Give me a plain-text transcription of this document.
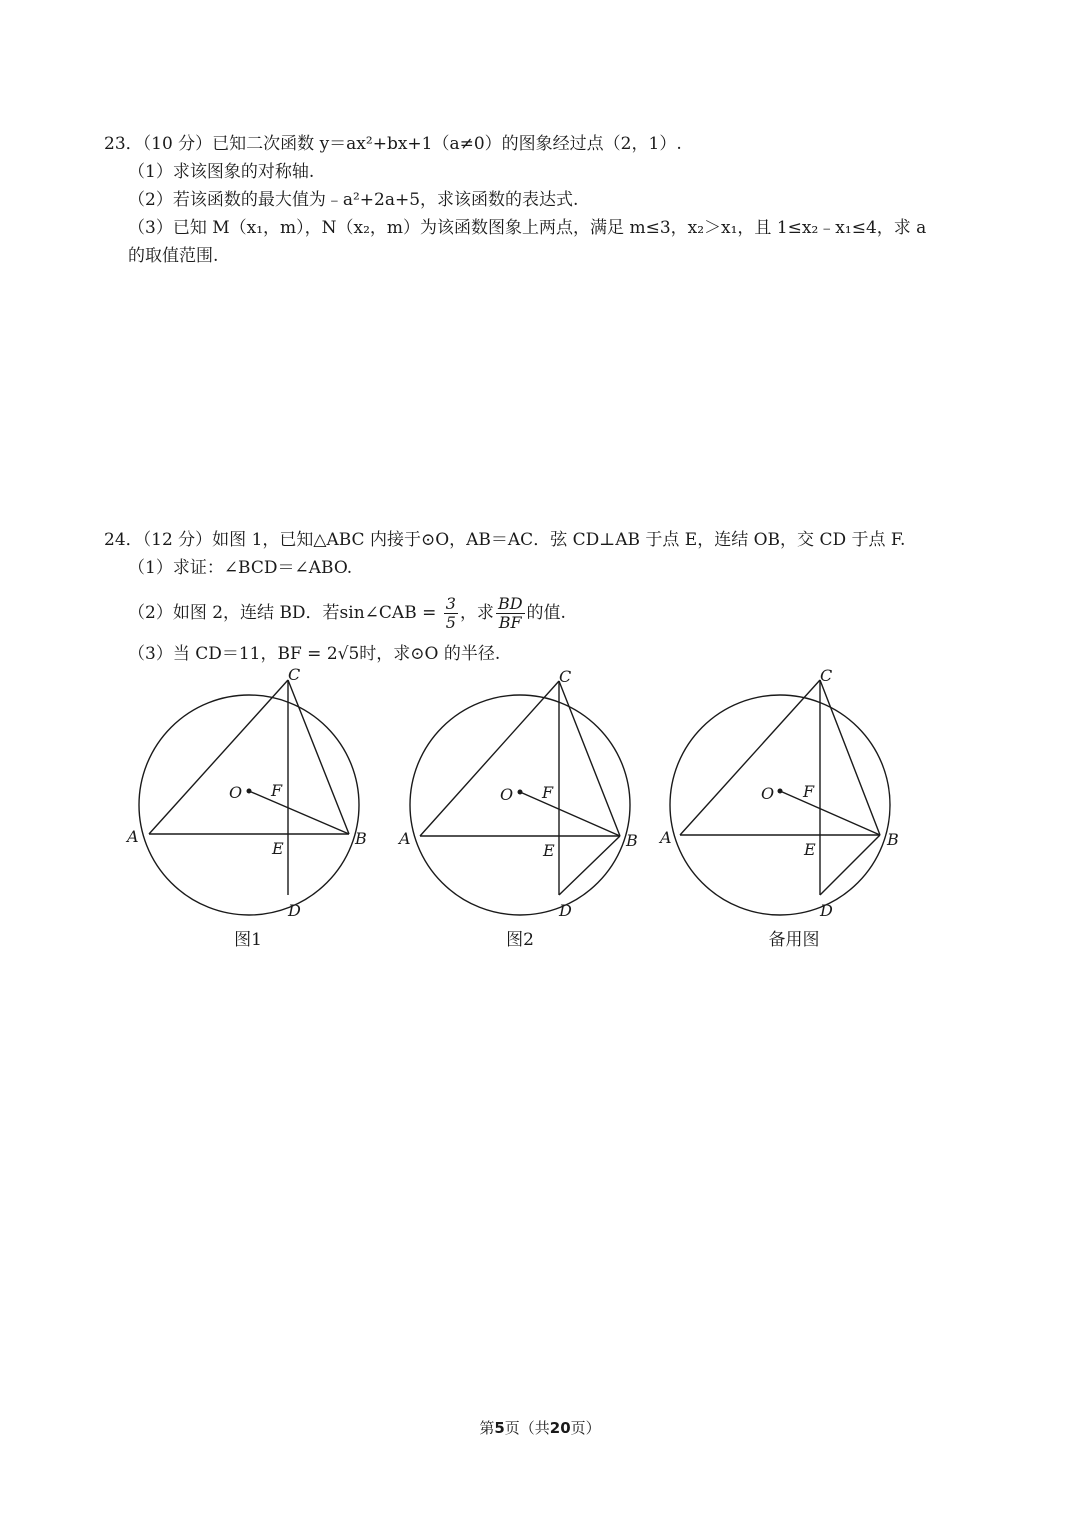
23．（10 分）已知二次函数 y＝ax²+bx+1（a≠0）的图象经过点（2，1）.
（1）求该图象的对称轴.
（2）若该函数的最大值为﹣a²+2a+5，求该函数的表达式.
（3）已知 M（x₁，m），N（x₂，m）为该函数图象上两点，满足 m≤3，x₂＞x₁，且 1≤x₂﹣x₁≤4，求 a
的取值范围.
24．（12 分）如图 1，已知△ABC 内接于⊙O，AB＝AC．弦 CD⊥AB 于点 E，连结 OB，交 CD 于点 F.
（1）求证：∠BCD＝∠ABO.
（2）如图 2，连结 BD．若sin∠CAB = $\frac{3}{5}$ ，求 $\frac{BD}{BF}$ 的值.
（3）当 CD＝11，BF = 2√5时，求⊙O 的半径.
A	B
C
D
E
F
O
图1
A	B
C
D
E
F
O
图2
A	B
C
D
E
F
O
备用图
第5页（共20页）
